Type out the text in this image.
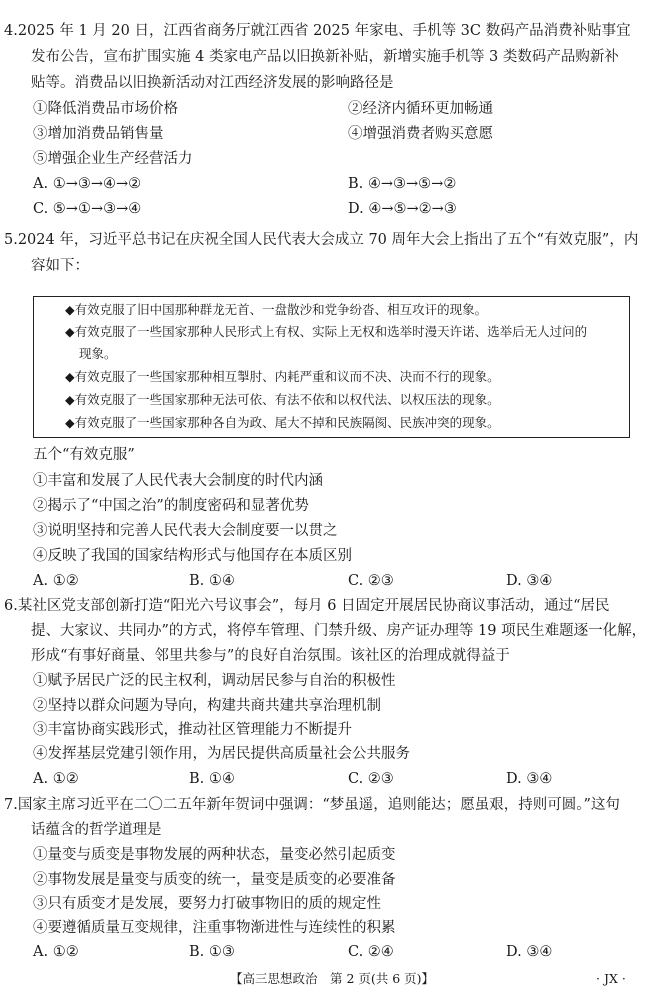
4.2025 年 1 月 20 日，江西省商务厅就江西省 2025 年家电、手机等 3C 数码产品消费补贴事宜
发布公告，宣布扩围实施 4 类家电产品以旧换新补贴，新增实施手机等 3 类数码产品购新补
贴等。消费品以旧换新活动对江西经济发展的影响路径是
①降低消费品市场价格	②经济内循环更加畅通
③增加消费品销售量	④增强消费者购买意愿
⑤增强企业生产经营活力
A. ①→③→④→②	B. ④→③→⑤→②
C. ⑤→①→③→④	D. ④→⑤→②→③
5.2024 年，习近平总书记在庆祝全国人民代表大会成立 70 周年大会上指出了五个“有效克服”，内
容如下：
◆有效克服了旧中国那种群龙无首、一盘散沙和党争纷沓、相互攻讦的现象。
◆有效克服了一些国家那种人民形式上有权、实际上无权和选举时漫天许诺、选举后无人过问的
现象。
◆有效克服了一些国家那种相互掣肘、内耗严重和议而不决、决而不行的现象。
◆有效克服了一些国家那种无法可依、有法不依和以权代法、以权压法的现象。
◆有效克服了一些国家那种各自为政、尾大不掉和民族隔阂、民族冲突的现象。
五个“有效克服”
①丰富和发展了人民代表大会制度的时代内涵
②揭示了“中国之治”的制度密码和显著优势
③说明坚持和完善人民代表大会制度要一以贯之
④反映了我国的国家结构形式与他国存在本质区别
A. ①②	B. ①④	C. ②③	D. ③④
6.某社区党支部创新打造“阳光六号议事会”，每月 6 日固定开展居民协商议事活动，通过“居民
提、大家议、共同办”的方式，将停车管理、门禁升级、房产证办理等 19 项民生难题逐一化解，
形成“有事好商量、邻里共参与”的良好自治氛围。该社区的治理成就得益于
①赋予居民广泛的民主权利，调动居民参与自治的积极性
②坚持以群众问题为导向，构建共商共建共享治理机制
③丰富协商实践形式，推动社区管理能力不断提升
④发挥基层党建引领作用，为居民提供高质量社会公共服务
A. ①②	B. ①④	C. ②③	D. ③④
7.国家主席习近平在二〇二五年新年贺词中强调：“梦虽遥，追则能达；愿虽艰，持则可圆。”这句
话蕴含的哲学道理是
①量变与质变是事物发展的两种状态，量变必然引起质变
②事物发展是量变与质变的统一，量变是质变的必要准备
③只有质变才是发展，要努力打破事物旧的质的规定性
④要遵循质量互变规律，注重事物渐进性与连续性的积累
A. ①②	B. ①③	C. ②④	D. ③④
【高三思想政治　第 2 页(共 6 页)】	· JX ·
